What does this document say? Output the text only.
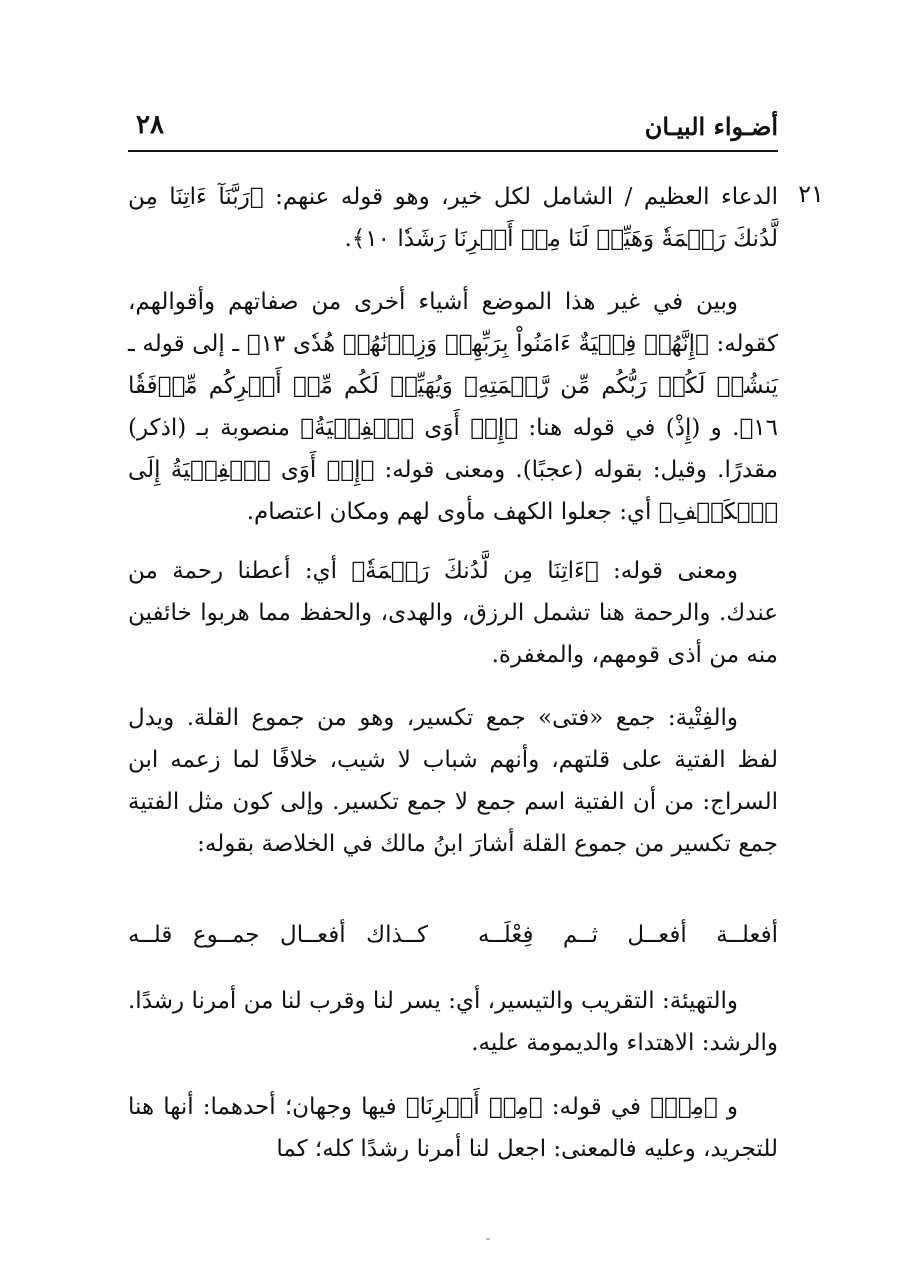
أضـواء البيـان
٢٨
٢١
الدعاء العظيم / الشامل لكل خير، وهو قوله عنهم: ﴿رَبَّنَآ ءَاتِنَا مِن لَّدُنكَ رَحۡمَةٗ وَهَيِّئۡ لَنَا مِنۡ أَمۡرِنَا رَشَدٗا ١٠﴾.
وبين في غير هذا الموضع أشياء أخرى من صفاتهم وأقوالهم، كقوله: ﴿إِنَّهُمۡ فِتۡيَةٌ ءَامَنُواْ بِرَبِّهِمۡ وَزِدۡنَٰهُمۡ هُدٗى ١٣﴾ ـ إلى قوله ـ يَنشُرۡ لَكُمۡ رَبُّكُم مِّن رَّحۡمَتِهِۦ وَيُهَيِّئۡ لَكُم مِّنۡ أَمۡرِكُم مِّرۡفَقٗا ١٦﴾. و (إِذْ) في قوله هنا: ﴿إِذۡ أَوَى ٱلۡفِتۡيَةُ﴾ منصوبة بـ (اذكر) مقدرًا. وقيل: بقوله (عجبًا). ومعنى قوله: ﴿إِذۡ أَوَى ٱلۡفِتۡيَةُ إِلَى ٱلۡكَهۡفِ﴾ أي: جعلوا الكهف مأوى لهم ومكان اعتصام.
ومعنى قوله: ﴿ءَاتِنَا مِن لَّدُنكَ رَحۡمَةٗ﴾ أي: أعطنا رحمة من عندك. والرحمة هنا تشمل الرزق، والهدى، والحفظ مما هربوا خائفين منه من أذى قومهم، والمغفرة.
والفِتْية: جمع «فتى» جمع تكسير، وهو من جموع القلة. ويدل لفظ الفتية على قلتهم، وأنهم شباب لا شيب، خلافًا لما زعمه ابن السراج: من أن الفتية اسم جمع لا جمع تكسير. وإلى كون مثل الفتية جمع تكسير من جموع القلة أشارَ ابنُ مالك في الخلاصة بقوله:
أفعلــة أفعــل ثــم فِعْلَــه
كــذاك أفعــال جمــوع قلــه
والتهيئة: التقريب والتيسير، أي: يسر لنا وقرب لنا من أمرنا رشدًا. والرشد: الاهتداء والديمومة عليه.
و ﴿مِنۡ﴾ في قوله: ﴿مِنۡ أَمۡرِنَا﴾ فيها وجهان؛ أحدهما: أنها هنا للتجريد، وعليه فالمعنى: اجعل لنا أمرنا رشدًا كله؛ كما
